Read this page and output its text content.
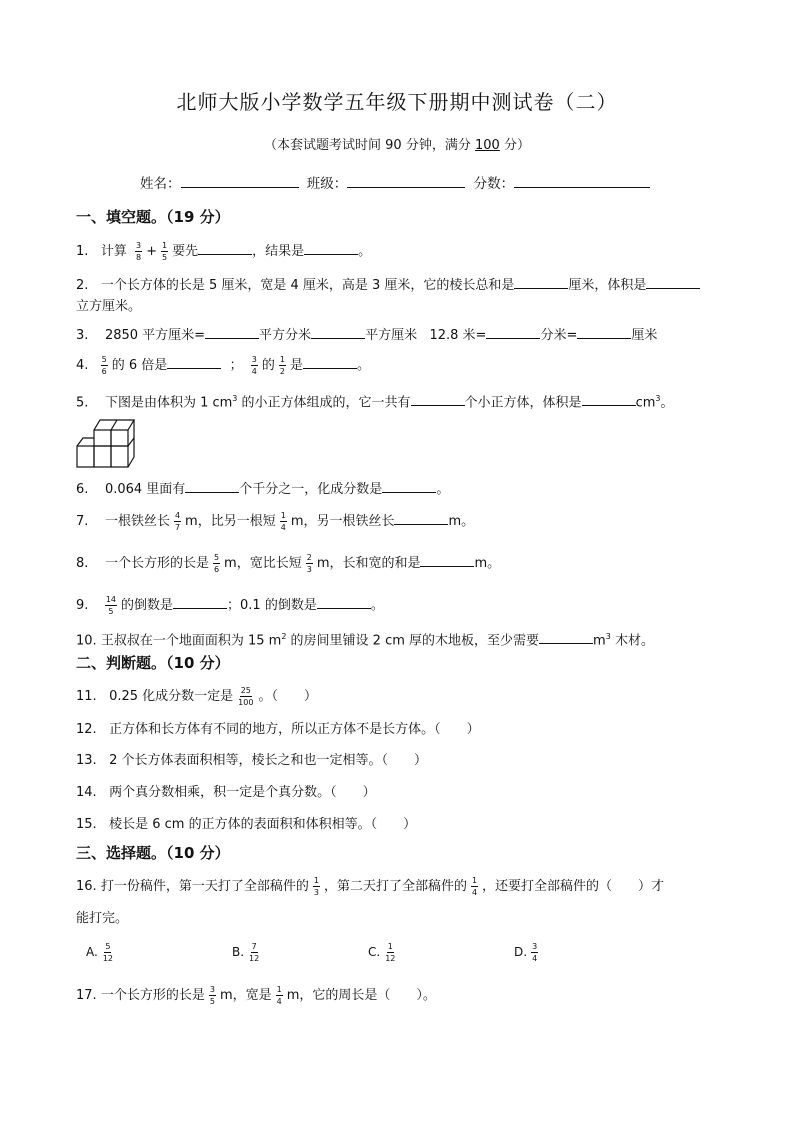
北师大版小学数学五年级下册期中测试卷（二）
（本套试题考试时间 90 分钟，满分 100 分）
姓名：	班级：	分数：
一、填空题。（19 分）
1. 计算 $\frac{3}{8} + \frac{1}{5}$ 要先	，结果是	。
2. 一个长方体的长是 5 厘米，宽是 4 厘米，高是 3 厘米，它的棱长总和是	厘米，体积是
立方厘米。
3. 2850 平方厘米=	平方分米	平方厘米 12.8 米=	分米=	厘米
4. $\frac{5}{6}$ 的 6 倍是	； $\frac{3}{4}$ 的 $\frac{1}{2}$ 是	。
5. 下图是由体积为 1 $cm^3$ 的小正方体组成的，它一共有	个小正方体，体积是	$cm^3$。
6. 0.064 里面有	个千分之一，化成分数是	。
7. 一根铁丝长 $\frac{4}{7}$ m，比另一根短 $\frac{1}{4}$ m，另一根铁丝长	m。
8. 一个长方形的长是 $\frac{5}{6}$ m，宽比长短 $\frac{2}{3}$ m，长和宽的和是	m。
9. $\frac{14}{5}$ 的倒数是	；0.1 的倒数是	。
10. 王叔叔在一个地面面积为 15 $m^2$ 的房间里铺设 2 cm 厚的木地板，至少需要	$m^3$ 木材。
二、判断题。（10 分）
11. 0.25 化成分数一定是 $\frac{25}{100}$ 。（　　）
12. 正方体和长方体有不同的地方，所以正方体不是长方体。（　　）
13. 2 个长方体表面积相等，棱长之和也一定相等。（　　）
14. 两个真分数相乘，积一定是个真分数。（　　）
15. 棱长是 6 cm 的正方体的表面积和体积相等。（　　）
三、选择题。（10 分）
16. 打一份稿件，第一天打了全部稿件的 $\frac{1}{3}$ ，第二天打了全部稿件的 $\frac{1}{4}$ ，还要打全部稿件的（　　）才
能打完。
A. $\frac{5}{12}$	B. $\frac{7}{12}$	C. $\frac{1}{12}$	D. $\frac{3}{4}$
17. 一个长方形的长是 $\frac{3}{5}$ m，宽是 $\frac{1}{4}$ m，它的周长是（　　）。
